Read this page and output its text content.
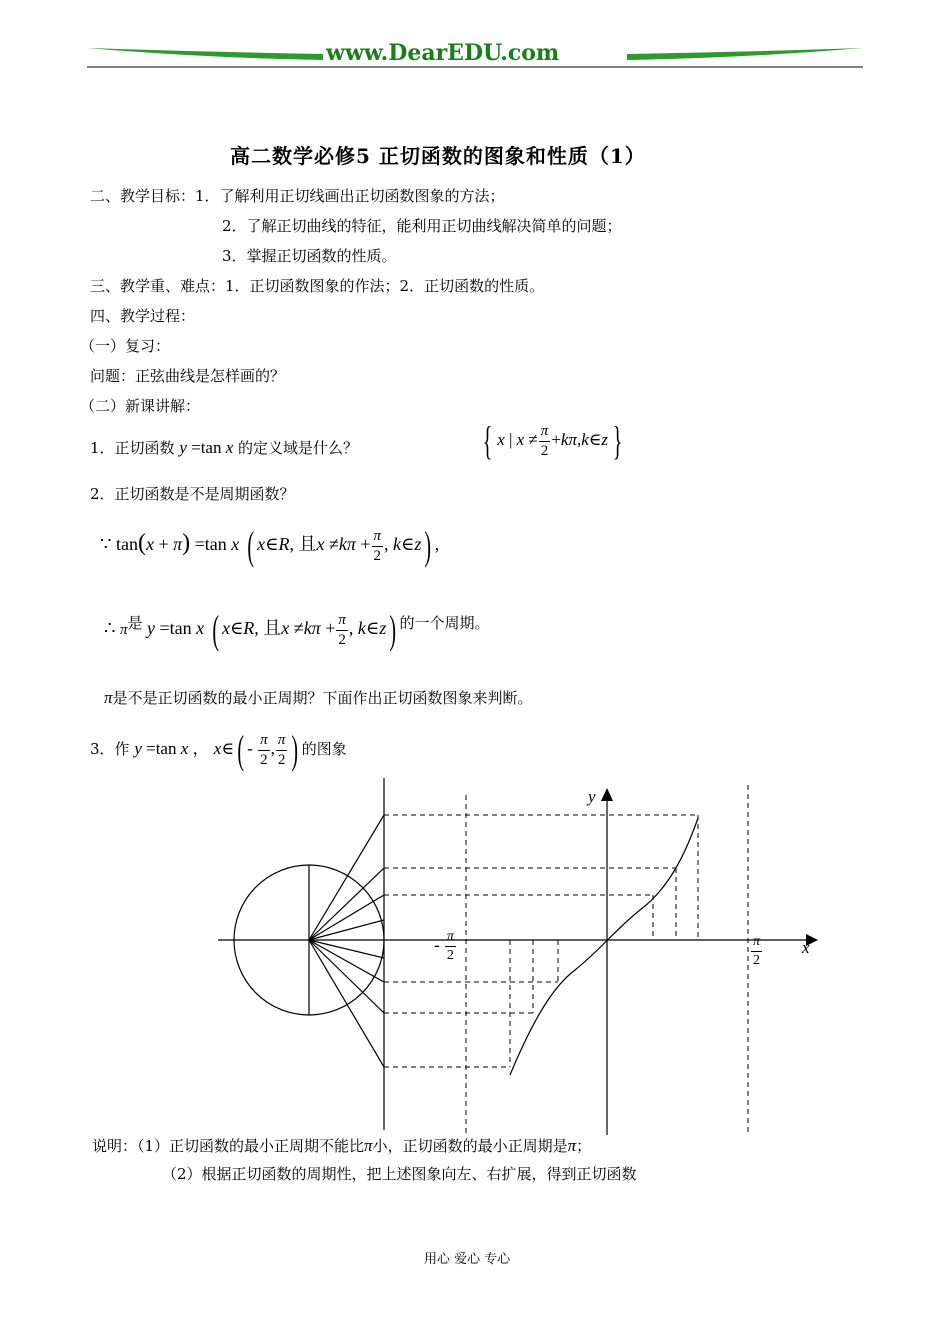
www.DearEDU.com
高二数学必修5 正切函数的图象和性质（1）
二、教学目标：1．了解利用正切线画出正切函数图象的方法；
2．了解正切曲线的特征，能利用正切曲线解决简单的问题；
3．掌握正切函数的性质。
三、教学重、难点：1．正切函数图象的作法；2．正切函数的性质。
四、教学过程：
（一）复习：
问题：正弦曲线是怎样画的？
（二）新课讲解：
1．正切函数 y =tan x 的定义域是什么？	{ x | $x \ne \frac{\pi}{2}$ +kπ,k∈z }
2．正切函数是不是周期函数？
∵ tan(x + π) =tan x ( x∈R, 且$x \ne k\pi + \frac{\pi}{2}$ , k∈z) ,
∴ $\pi^是$ y =tan x ( x∈R, 且$x \ne k\pi + \frac{\pi}{2}$ , k∈z) $^{的一个周期。}$
π是不是正切函数的最小正周期？下面作出正切函数图象来判断。
3．作 y =tan x ， x∈( - $\frac{\pi}{2}$ , $\frac{\pi}{2}$ ) 的图象
y
x
- $\frac{\pi}{2}$	$\frac{\pi}{2}$
说明：（1）正切函数的最小正周期不能比π小，正切函数的最小正周期是π；
（2）根据正切函数的周期性，把上述图象向左、右扩展，得到正切函数
用心 爱心 专心
